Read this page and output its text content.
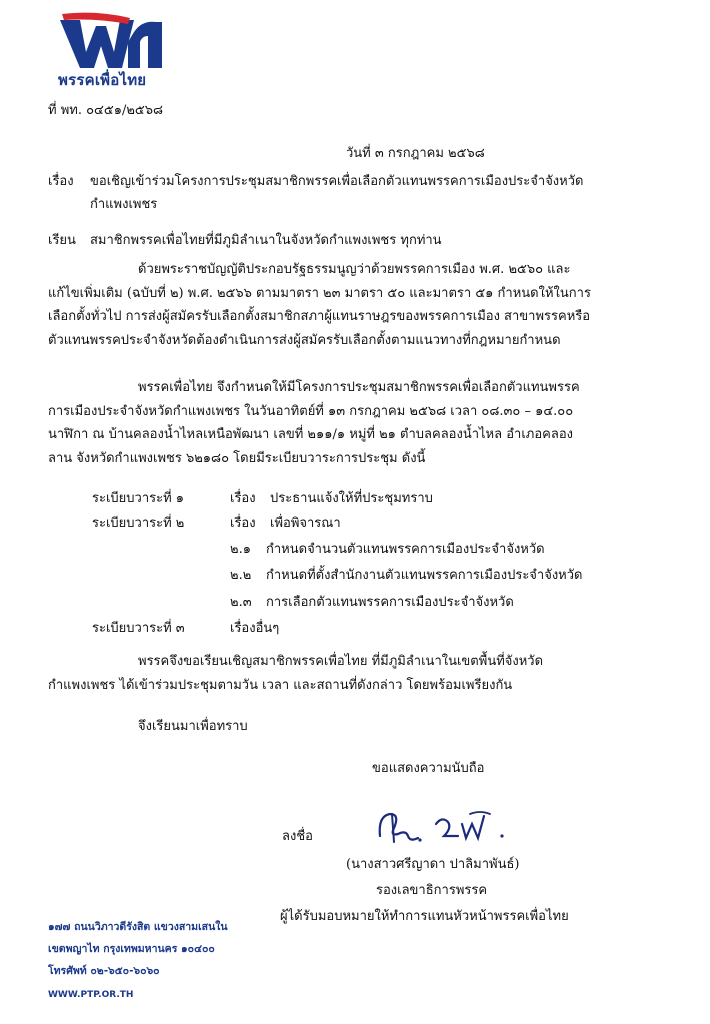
พรรคเพื่อไทย
ที่ พท. ๐๔๕๑/๒๕๖๘
วันที่ ๓ กรกฎาคม ๒๕๖๘
เรื่อง ขอเชิญเข้าร่วมโครงการประชุมสมาชิกพรรคเพื่อเลือกตัวแทนพรรคการเมืองประจำจังหวัด
กำแพงเพชร
เรียน สมาชิกพรรคเพื่อไทยที่มีภูมิลำเนาในจังหวัดกำแพงเพชร ทุกท่าน
ด้วยพระราชบัญญัติประกอบรัฐธรรมนูญว่าด้วยพรรคการเมือง พ.ศ. ๒๕๖๐ และ
แก้ไขเพิ่มเติม (ฉบับที่ ๒) พ.ศ. ๒๕๖๖ ตามมาตรา ๒๓ มาตรา ๕๐ และมาตรา ๕๑ กำหนดให้ในการ
เลือกตั้งทั่วไป การส่งผู้สมัครรับเลือกตั้งสมาชิกสภาผู้แทนราษฎรของพรรคการเมือง สาขาพรรคหรือ
ตัวแทนพรรคประจำจังหวัดต้องดำเนินการส่งผู้สมัครรับเลือกตั้งตามแนวทางที่กฎหมายกำหนด
พรรคเพื่อไทย จึงกำหนดให้มีโครงการประชุมสมาชิกพรรคเพื่อเลือกตัวแทนพรรค
การเมืองประจำจังหวัดกำแพงเพชร ในวันอาทิตย์ที่ ๑๓ กรกฎาคม ๒๕๖๘ เวลา ๐๘.๓๐ – ๑๔.๐๐
นาฬิกา ณ บ้านคลองน้ำไหลเหนือพัฒนา เลขที่ ๒๑๑/๑ หมู่ที่ ๒๑ ตำบลคลองน้ำไหล อำเภอคลอง
ลาน จังหวัดกำแพงเพชร ๖๒๑๘๐ โดยมีระเบียบวาระการประชุม ดังนี้
ระเบียบวาระที่ ๑	เรื่อง ประธานแจ้งให้ที่ประชุมทราบ
ระเบียบวาระที่ ๒	เรื่อง เพื่อพิจารณา
๒.๑ กำหนดจำนวนตัวแทนพรรคการเมืองประจำจังหวัด
๒.๒ กำหนดที่ตั้งสำนักงานตัวแทนพรรคการเมืองประจำจังหวัด
๒.๓ การเลือกตัวแทนพรรคการเมืองประจำจังหวัด
ระเบียบวาระที่ ๓	เรื่องอื่นๆ
พรรคจึงขอเรียนเชิญสมาชิกพรรคเพื่อไทย ที่มีภูมิลำเนาในเขตพื้นที่จังหวัด
กำแพงเพชร ได้เข้าร่วมประชุมตามวัน เวลา และสถานที่ดังกล่าว โดยพร้อมเพรียงกัน
จึงเรียนมาเพื่อทราบ
ขอแสดงความนับถือ
ลงชื่อ
(นางสาวศรีญาดา ปาลิมาพันธ์)
รองเลขาธิการพรรค
ผู้ได้รับมอบหมายให้ทำการแทนหัวหน้าพรรคเพื่อไทย
๑๗๗ ถนนวิภาวดีรังสิต แขวงสามเสนใน
เขตพญาไท กรุงเทพมหานคร ๑๐๔๐๐
โทรศัพท์ ๐๒-๖๕๐-๖๐๖๐
WWW.PTP.OR.TH
